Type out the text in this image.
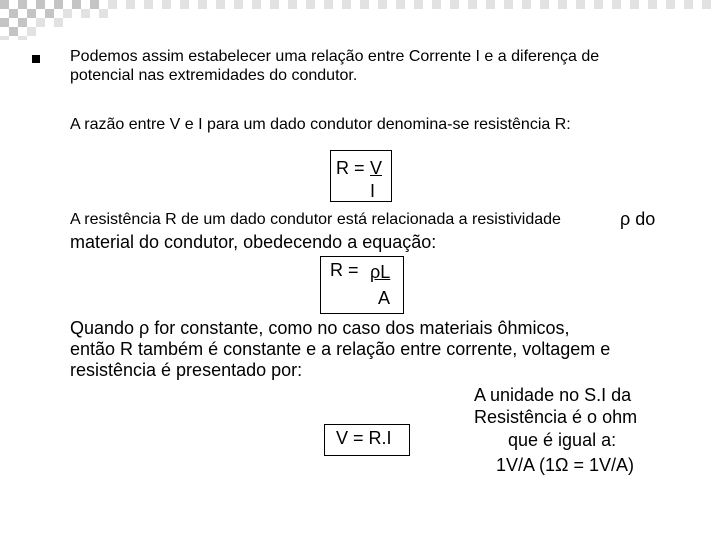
Podemos assim estabelecer uma relação entre Corrente I e a diferença de
potencial nas extremidades do condutor.
A razão entre V e I para um dado condutor denomina-se resistência R:
R = V
I
A resistência R de um dado condutor está relacionada a resistividade	ρ do
material do condutor, obedecendo a equação:
R = ρL
A
Quando ρ for constante, como no caso dos materiais ôhmicos,
então R também é constante e a relação entre corrente, voltagem e
resistência é presentado por:
V = R.I
A unidade no S.I da
Resistência é o ohm
que é igual a:
1V/A (1Ω = 1V/A)
